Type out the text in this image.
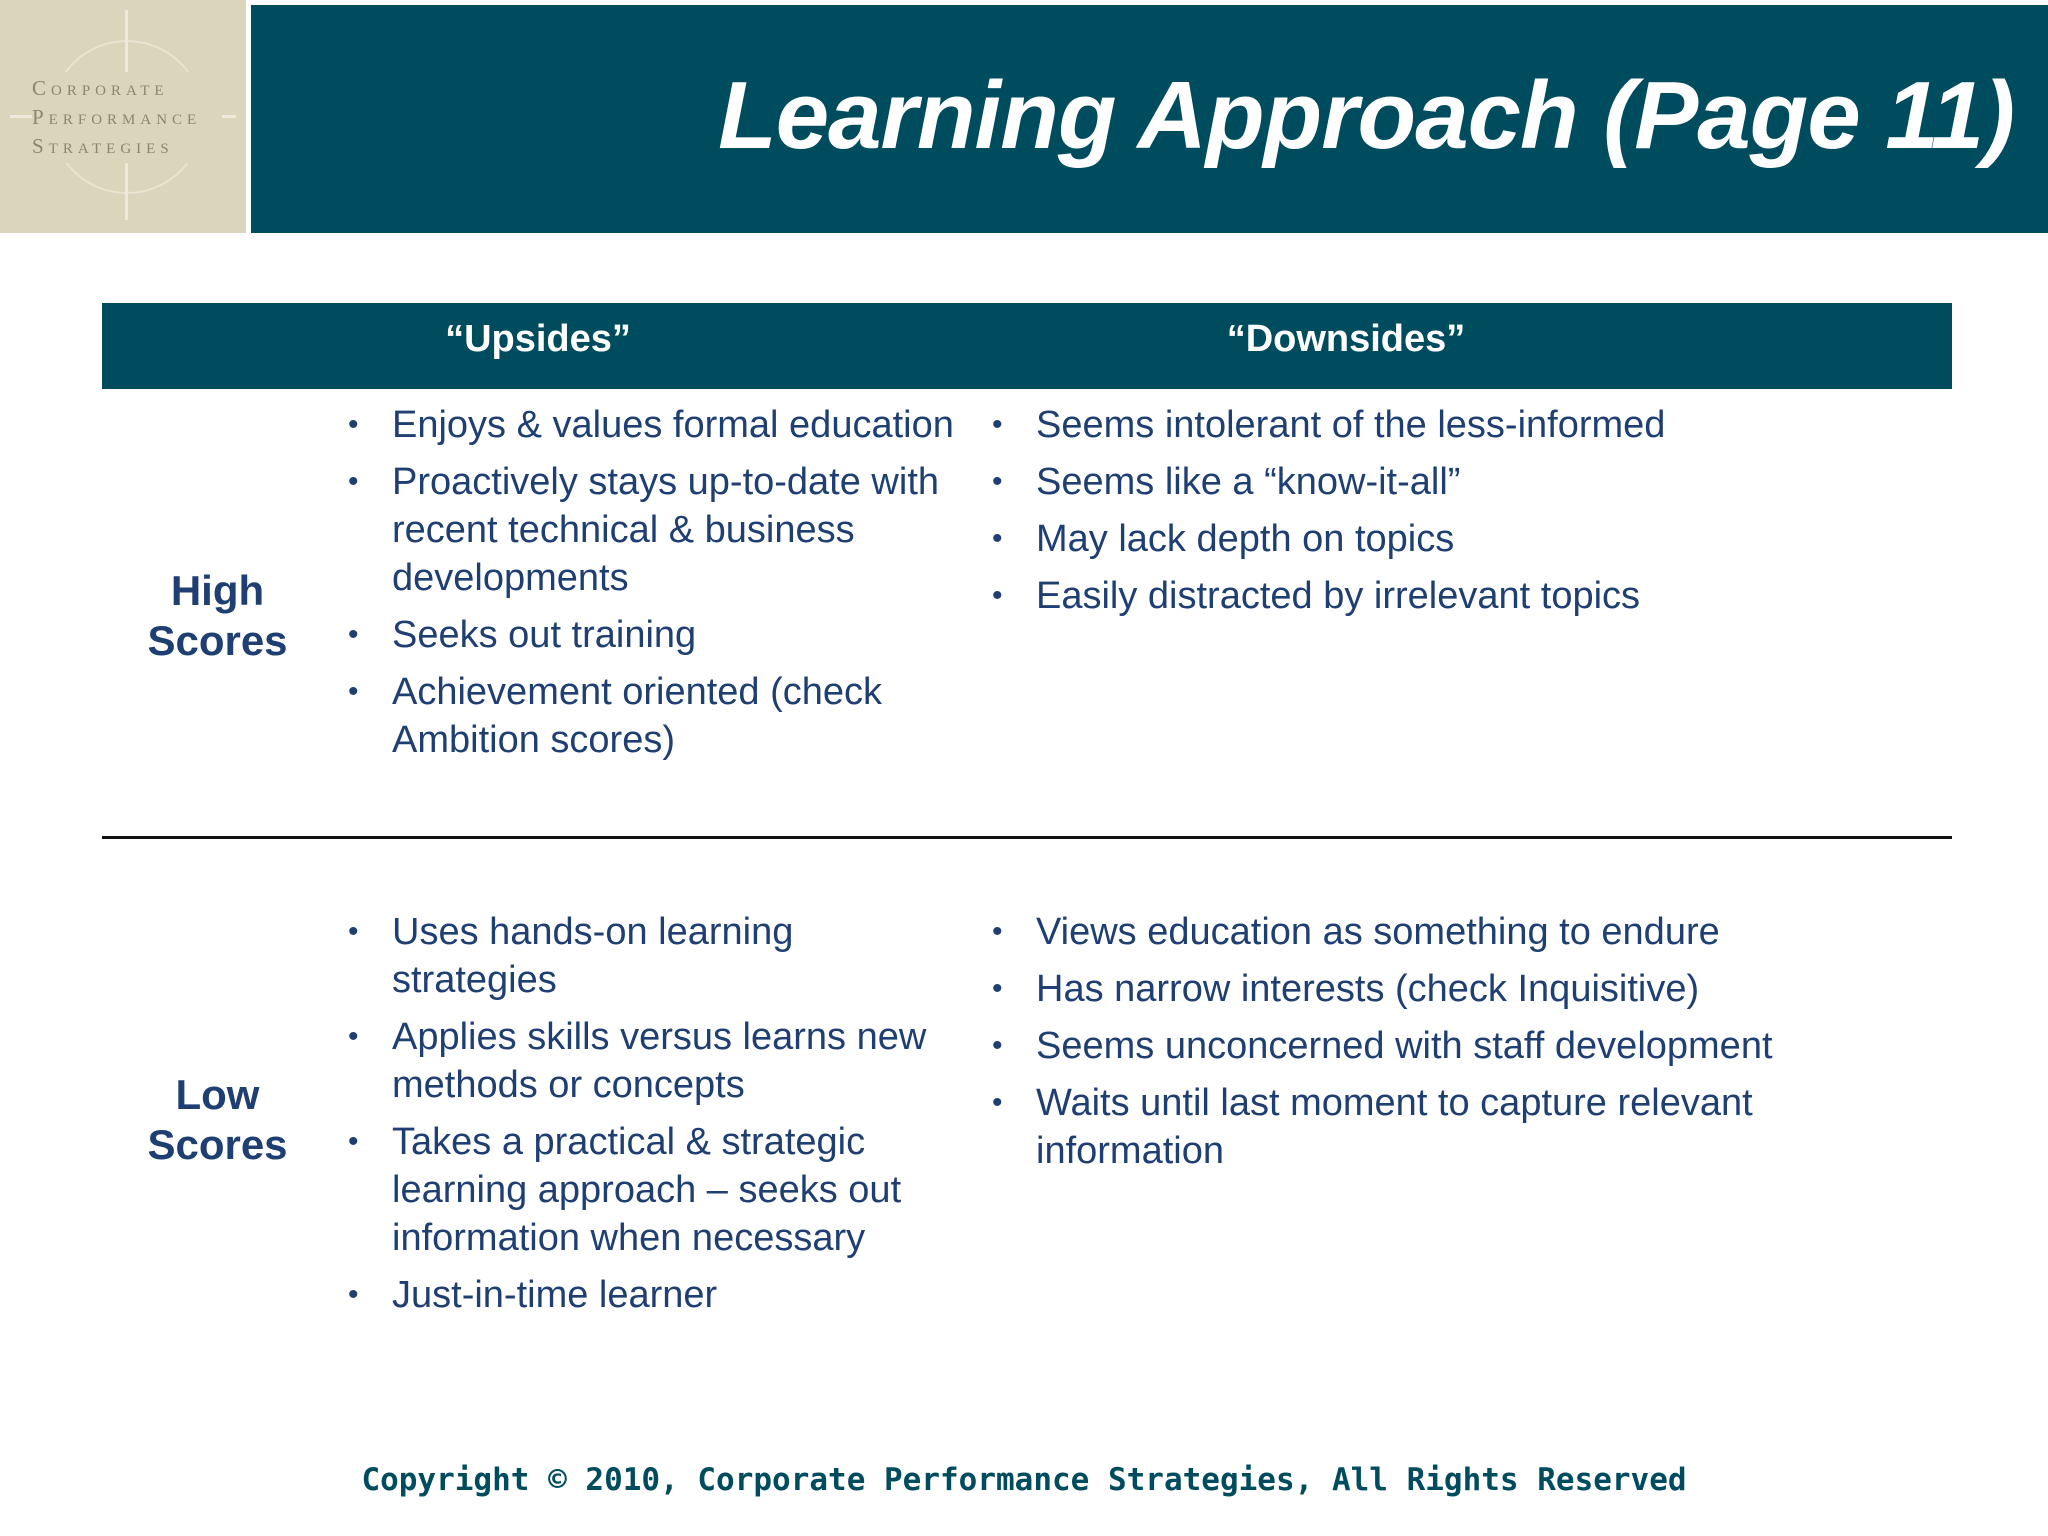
Corporate
Performance
Strategies	Learning Approach (Page 11)
“Upsides”	“Downsides”
High
Scores
• Enjoys & values formal education
• Proactively stays up-to-date with recent technical & business developments
• Seeks out training
• Achievement oriented (check Ambition scores)
• Seems intolerant of the less-informed
• Seems like a “know-it-all”
• May lack depth on topics
• Easily distracted by irrelevant topics
Low
Scores
• Uses hands-on learning strategies
• Applies skills versus learns new methods or concepts
• Takes a practical & strategic learning approach – seeks out information when necessary
• Just-in-time learner
• Views education as something to endure
• Has narrow interests (check Inquisitive)
• Seems unconcerned with staff development
• Waits until last moment to capture relevant information
Copyright © 2010, Corporate Performance Strategies, All Rights Reserved
